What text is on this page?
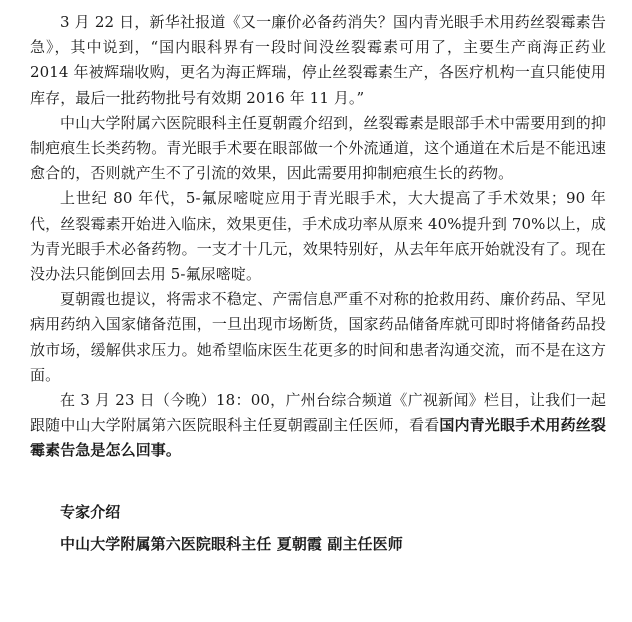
3 月 22 日，新华社报道《又一廉价必备药消失？国内青光眼手术用药丝裂霉素告急》，其中说到，“国内眼科界有一段时间没丝裂霉素可用了，主要生产商海正药业 2014 年被辉瑞收购，更名为海正辉瑞，停止丝裂霉素生产，各医疗机构一直只能使用库存，最后一批药物批号有效期 2016 年 11 月。”

中山大学附属六医院眼科主任夏朝霞介绍到，丝裂霉素是眼部手术中需要用到的抑制疤痕生长类药物。青光眼手术要在眼部做一个外流通道，这个通道在术后是不能迅速愈合的，否则就产生不了引流的效果，因此需要用抑制疤痕生长的药物。

上世纪 80 年代，5-氟尿嘧啶应用于青光眼手术，大大提高了手术效果；90 年代，丝裂霉素开始进入临床，效果更佳，手术成功率从原来 40%提升到 70%以上，成为青光眼手术必备药物。一支才十几元，效果特别好，从去年年底开始就没有了。现在没办法只能倒回去用 5-氟尿嘧啶。

夏朝霞也提议，将需求不稳定、产需信息严重不对称的抢救用药、廉价药品、罕见病用药纳入国家储备范围，一旦出现市场断货，国家药品储备库就可即时将储备药品投放市场，缓解供求压力。她希望临床医生花更多的时间和患者沟通交流，而不是在这方面。

在 3 月 23 日（今晚）18：00，广州台综合频道《广视新闻》栏目，让我们一起跟随中山大学附属第六医院眼科主任夏朝霞副主任医师，看看国内青光眼手术用药丝裂霉素告急是怎么回事。

专家介绍

中山大学附属第六医院眼科主任 夏朝霞 副主任医师
